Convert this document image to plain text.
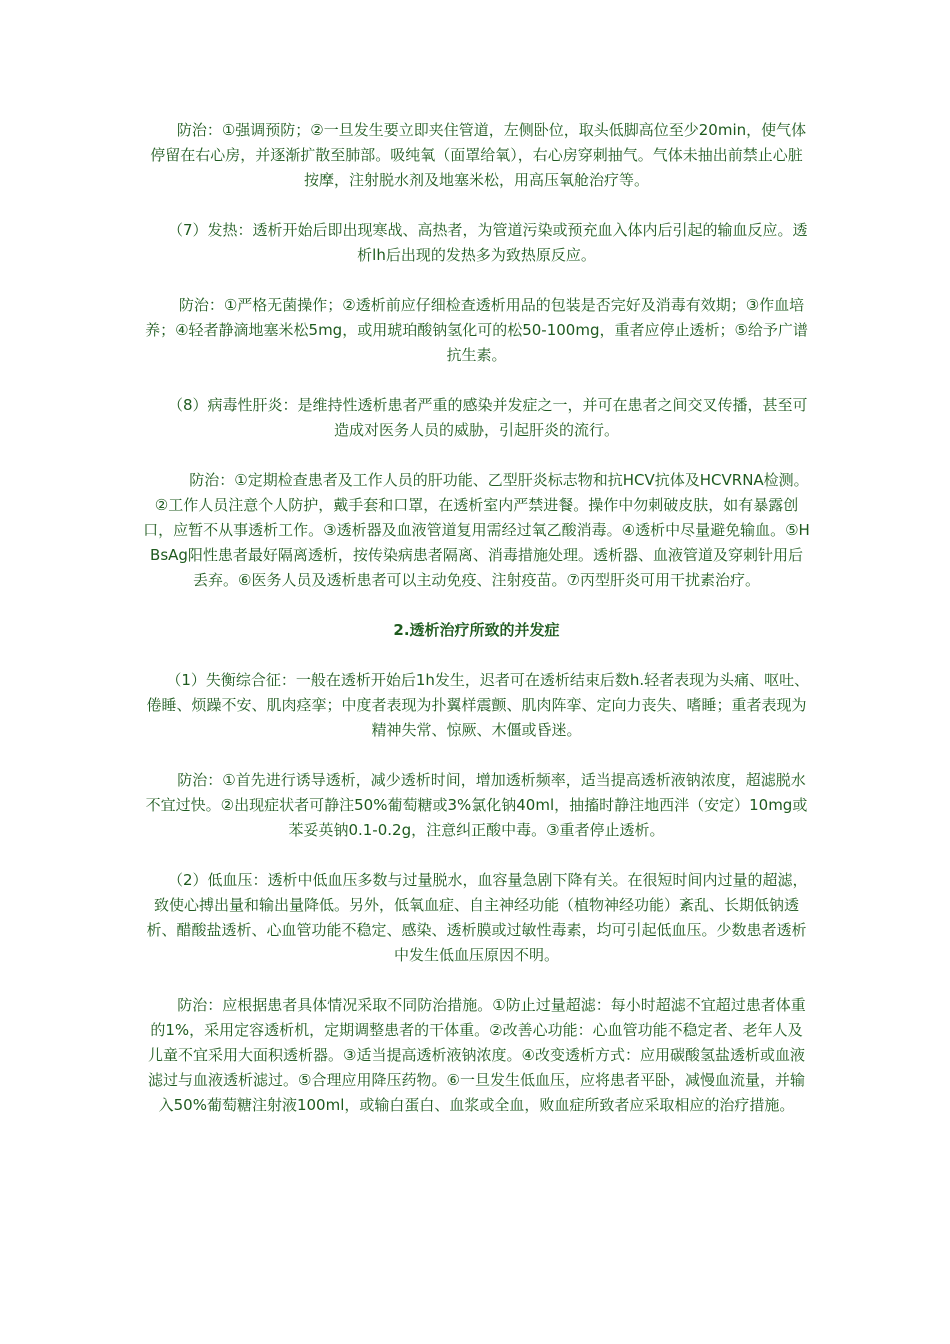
　　防治：①强调预防；②一旦发生要立即夹住管道，左侧卧位，取头低脚高位至少20min，使气体停留在右心房，并逐渐扩散至肺部。吸纯氧（面罩给氧），右心房穿刺抽气。气体未抽出前禁止心脏按摩，注射脱水剂及地塞米松，用高压氧舱治疗等。

　　（7）发热：透析开始后即出现寒战、高热者，为管道污染或预充血入体内后引起的输血反应。透析lh后出现的发热多为致热原反应。

　　防治：①严格无菌操作；②透析前应仔细检查透析用品的包装是否完好及消毒有效期；③作血培养；④轻者静滴地塞米松5mg，或用琥珀酸钠氢化可的松50-100mg，重者应停止透析；⑤给予广谱抗生素。

　　（8）病毒性肝炎：是维持性透析患者严重的感染并发症之一，并可在患者之间交叉传播，甚至可造成对医务人员的威胁，引起肝炎的流行。

　　　防治：①定期检查患者及工作人员的肝功能、乙型肝炎标志物和抗HCV抗体及HCVRNA检测。②工作人员注意个人防护，戴手套和口罩，在透析室内严禁进餐。操作中勿刺破皮肤，如有暴露创口，应暂不从事透析工作。③透析器及血液管道复用需经过氧乙酸消毒。④透析中尽量避免输血。⑤HBsAg阳性患者最好隔离透析，按传染病患者隔离、消毒措施处理。透析器、血液管道及穿刺针用后丢弃。⑥医务人员及透析患者可以主动免疫、注射疫苗。⑦丙型肝炎可用干扰素治疗。

2.透析治疗所致的并发症

　　（1）失衡综合征：一般在透析开始后1h发生，迟者可在透析结束后数h.轻者表现为头痛、呕吐、倦睡、烦躁不安、肌肉痉挛；中度者表现为扑翼样震颤、肌肉阵挛、定向力丧失、嗜睡；重者表现为精神失常、惊厥、木僵或昏迷。

　　防治：①首先进行诱导透析，减少透析时间，增加透析频率，适当提高透析液钠浓度，超滤脱水不宜过快。②出现症状者可静注50%葡萄糖或3%氯化钠40ml，抽搐时静注地西泮（安定）10mg或苯妥英钠0.1-0.2g，注意纠正酸中毒。③重者停止透析。

　　（2）低血压：透析中低血压多数与过量脱水，血容量急剧下降有关。在很短时间内过量的超滤，致使心搏出量和输出量降低。另外，低氧血症、自主神经功能（植物神经功能）紊乱、长期低钠透析、醋酸盐透析、心血管功能不稳定、感染、透析膜或过敏性毒素，均可引起低血压。少数患者透析中发生低血压原因不明。

　　防治：应根据患者具体情况采取不同防治措施。①防止过量超滤：每小时超滤不宜超过患者体重的1%，采用定容透析机，定期调整患者的干体重。②改善心功能：心血管功能不稳定者、老年人及儿童不宜采用大面积透析器。③适当提高透析液钠浓度。④改变透析方式：应用碳酸氢盐透析或血液滤过与血液透析滤过。⑤合理应用降压药物。⑥一旦发生低血压，应将患者平卧，减慢血流量，并输入50%葡萄糖注射液100ml，或输白蛋白、血浆或全血，败血症所致者应采取相应的治疗措施。
